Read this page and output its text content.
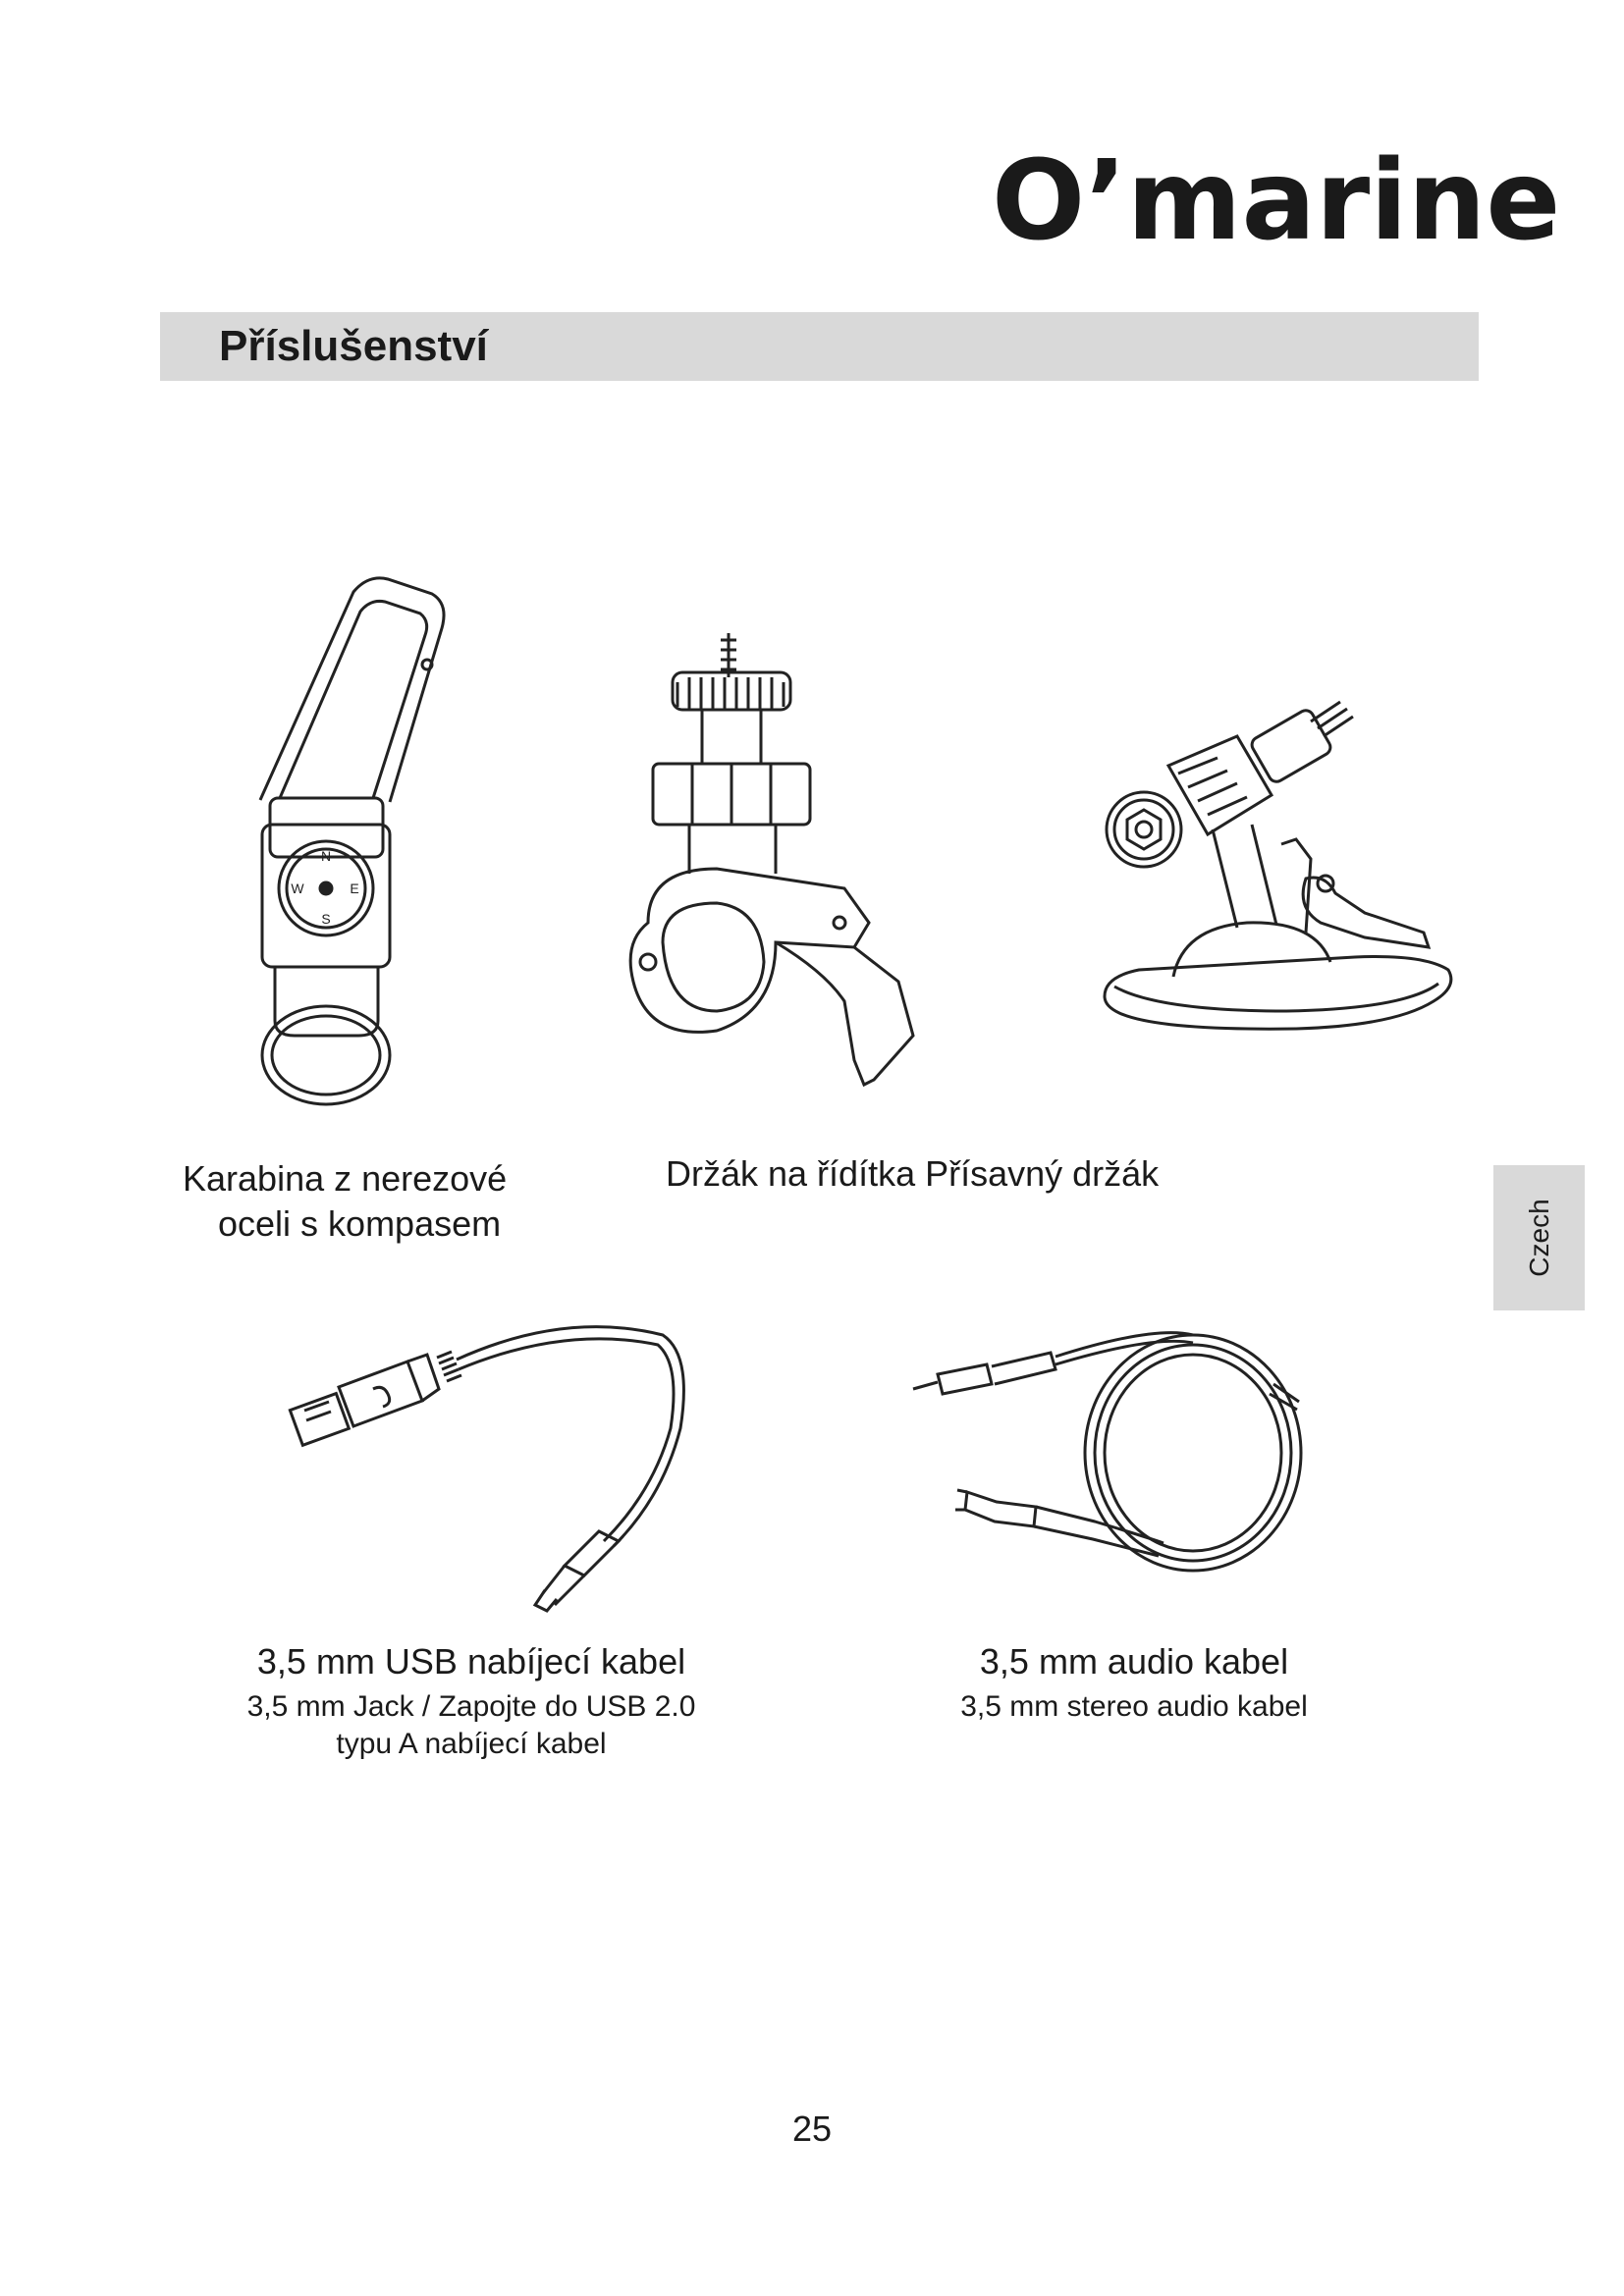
O’marine
Příslušenství
Czech
N
E
S
W
Karabina z nerezové
oceli s kompasem
Držák na řídítka Přísavný držák
3,5 mm USB nabíjecí kabel
3,5 mm Jack / Zapojte do USB 2.0
typu A nabíjecí kabel
3,5 mm audio kabel
3,5 mm stereo audio kabel
25
